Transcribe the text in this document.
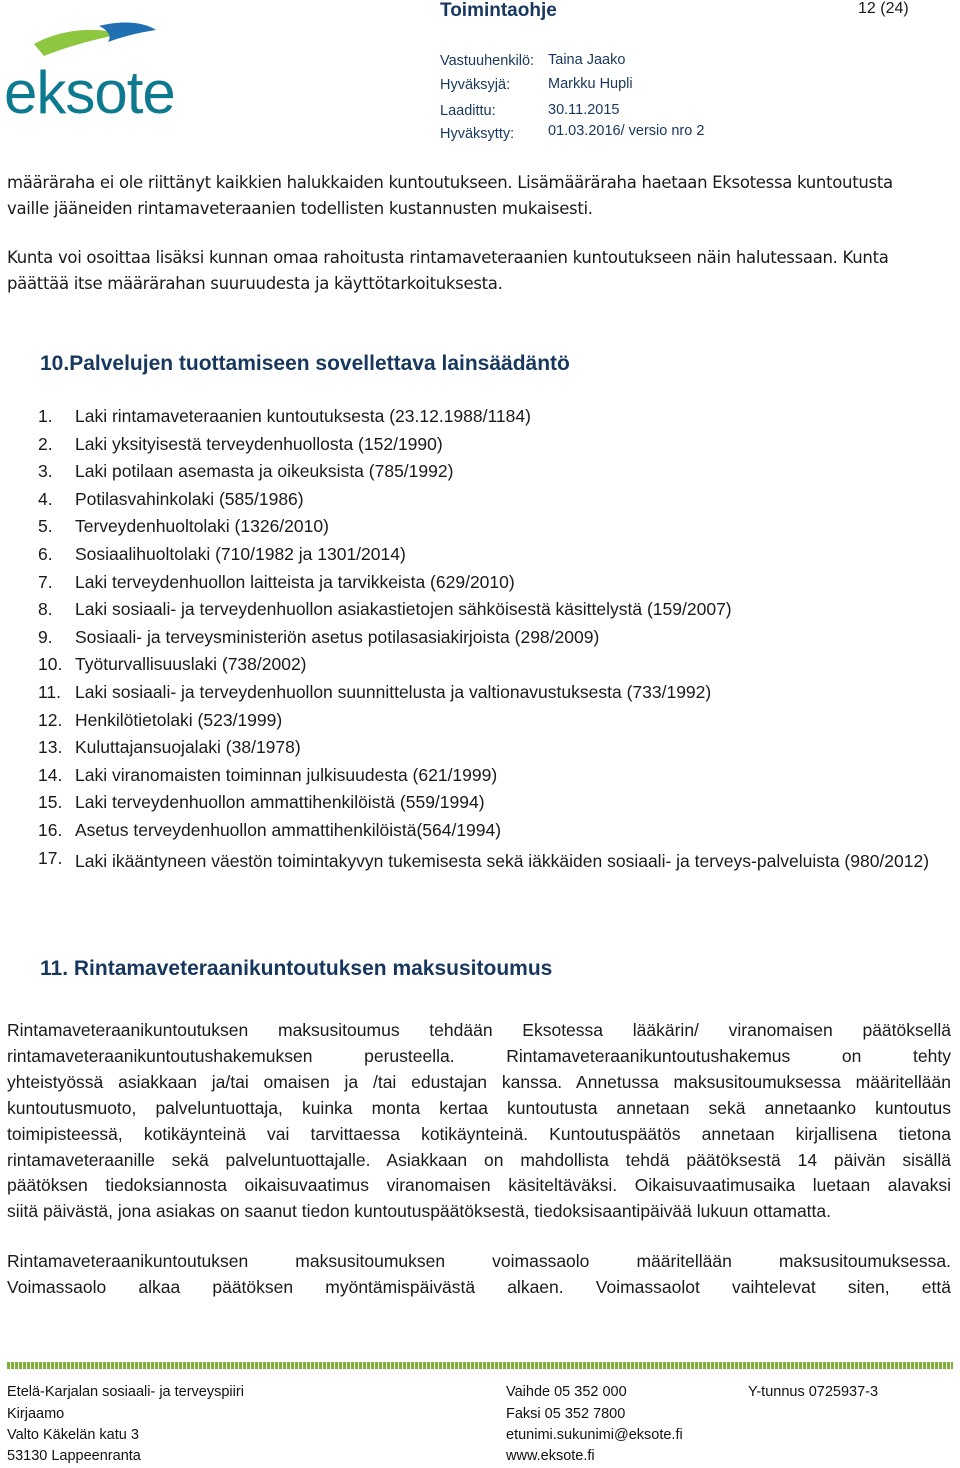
Toimintaohje	12 (24)
Vastuuhenkilö: Taina Jaako
Hyväksyjä:	Markku Hupli
Laadittu:	30.11.2015
Hyväksytty: 01.03.2016/ versio nro 2
eksote
määräraha ei ole riittänyt kaikkien halukkaiden kuntoutukseen. Lisämääräraha haetaan Eksotessa kuntoutusta
vaille jääneiden rintamaveteraanien todellisten kustannusten mukaisesti.
Kunta voi osoittaa lisäksi kunnan omaa rahoitusta rintamaveteraanien kuntoutukseen näin halutessaan. Kunta
päättää itse määrärahan suuruudesta ja käyttötarkoituksesta.
10.Palvelujen tuottamiseen sovellettava lainsäädäntö
1.	Laki rintamaveteraanien kuntoutuksesta (23.12.1988/1184)
2.	Laki yksityisestä terveydenhuollosta (152/1990)
3.	Laki potilaan asemasta ja oikeuksista (785/1992)
4.	Potilasvahinkolaki (585/1986)
5.	Terveydenhuoltolaki (1326/2010)
6.	Sosiaalihuoltolaki (710/1982 ja 1301/2014)
7.	Laki terveydenhuollon laitteista ja tarvikkeista (629/2010)
8.	Laki sosiaali- ja terveydenhuollon asiakastietojen sähköisestä käsittelystä (159/2007)
9.	Sosiaali- ja terveysministeriön asetus potilasasiakirjoista (298/2009)
10. Työturvallisuuslaki (738/2002)
11. Laki sosiaali- ja terveydenhuollon suunnittelusta ja valtionavustuksesta (733/1992)
12. Henkilötietolaki (523/1999)
13. Kuluttajansuojalaki (38/1978)
14. Laki viranomaisten toiminnan julkisuudesta (621/1999)
15. Laki terveydenhuollon ammattihenkilöistä (559/1994)
16. Asetus terveydenhuollon ammattihenkilöistä(564/1994)
17. Laki ikääntyneen väestön toimintakyvyn tukemisesta sekä iäkkäiden sosiaali- ja terveys-palveluista (980/2012)
11. Rintamaveteraanikuntoutuksen maksusitoumus
Rintamaveteraanikuntoutuksen maksusitoumus tehdään Eksotessa lääkärin/ viranomaisen päätöksellä
rintamaveteraanikuntoutushakemuksen perusteella. Rintamaveteraanikuntoutushakemus on tehty
yhteistyössä asiakkaan ja/tai omaisen ja /tai edustajan kanssa. Annetussa maksusitoumuksessa määritellään
kuntoutusmuoto, palveluntuottaja, kuinka monta kertaa kuntoutusta annetaan sekä annetaanko kuntoutus
toimipisteessä, kotikäynteinä vai tarvittaessa kotikäynteinä. Kuntoutuspäätös annetaan kirjallisena tietona
rintamaveteraanille sekä palveluntuottajalle. Asiakkaan on mahdollista tehdä päätöksestä 14 päivän sisällä
päätöksen tiedoksiannosta oikaisuvaatimus viranomaisen käsiteltäväksi. Oikaisuvaatimusaika luetaan alavaksi
siitä päivästä, jona asiakas on saanut tiedon kuntoutuspäätöksestä, tiedoksisaantipäivää lukuun ottamatta.
Rintamaveteraanikuntoutuksen maksusitoumuksen voimassaolo määritellään maksusitoumuksessa.
Voimassaolo alkaa päätöksen myöntämispäivästä alkaen. Voimassaolot vaihtelevat siten, että
Etelä-Karjalan sosiaali- ja terveyspiiri
Kirjaamo
Valto Käkelän katu 3
53130 Lappeenranta
Vaihde 05 352 000
Faksi 05 352 7800
etunimi.sukunimi@eksote.fi
www.eksote.fi
Y-tunnus 0725937-3
